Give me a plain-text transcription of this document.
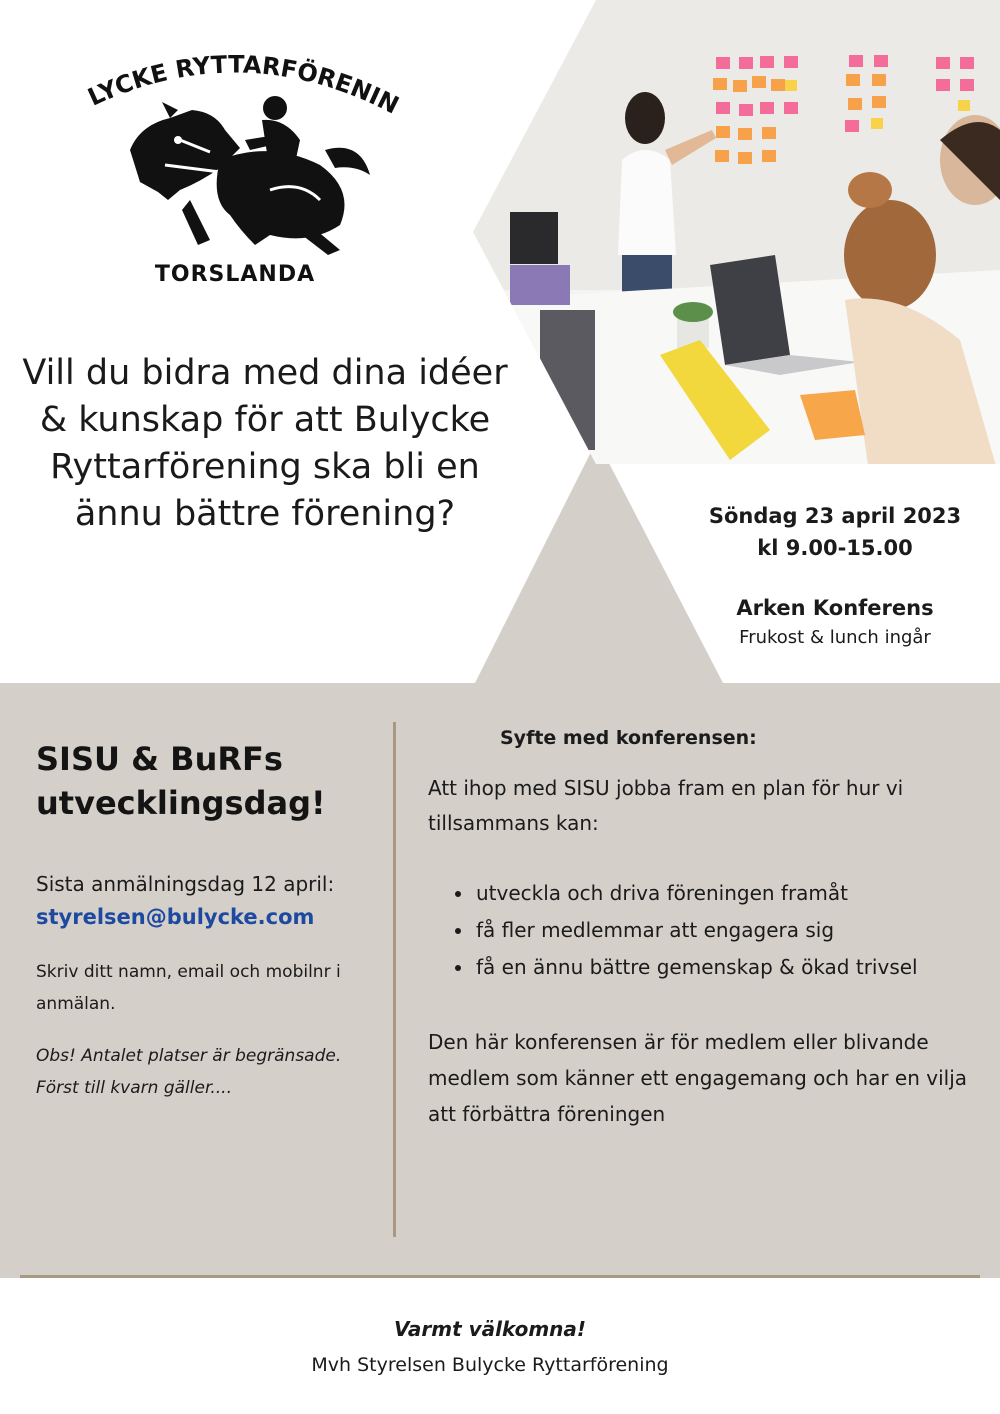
LYCKE RYTTARFÖRENI
TORSLANDA
Vill du bidra med dina idéer & kunskap för att Bulycke Ryttarförening ska bli en ännu bättre förening?	Söndag 23 april 2023
kl 9.00-15.00
Arken Konferens
Frukost & lunch ingår
SISU & BuRFs utvecklingsdag!
Sista anmälningsdag 12 april:
styrelsen@bulycke.com
Skriv ditt namn, email och mobilnr i anmälan.
Obs! Antalet platser är begränsade. Först till kvarn gäller....
Syfte med konferensen:
Att ihop med SISU jobba fram en plan för hur vi tillsammans kan:
• utveckla och driva föreningen framåt
• få fler medlemmar att engagera sig
• få en ännu bättre gemenskap & ökad trivsel
Den här konferensen är för medlem eller blivande medlem som känner ett engagemang och har en vilja att förbättra föreningen
Varmt välkomna!
Mvh Styrelsen Bulycke Ryttarförening
